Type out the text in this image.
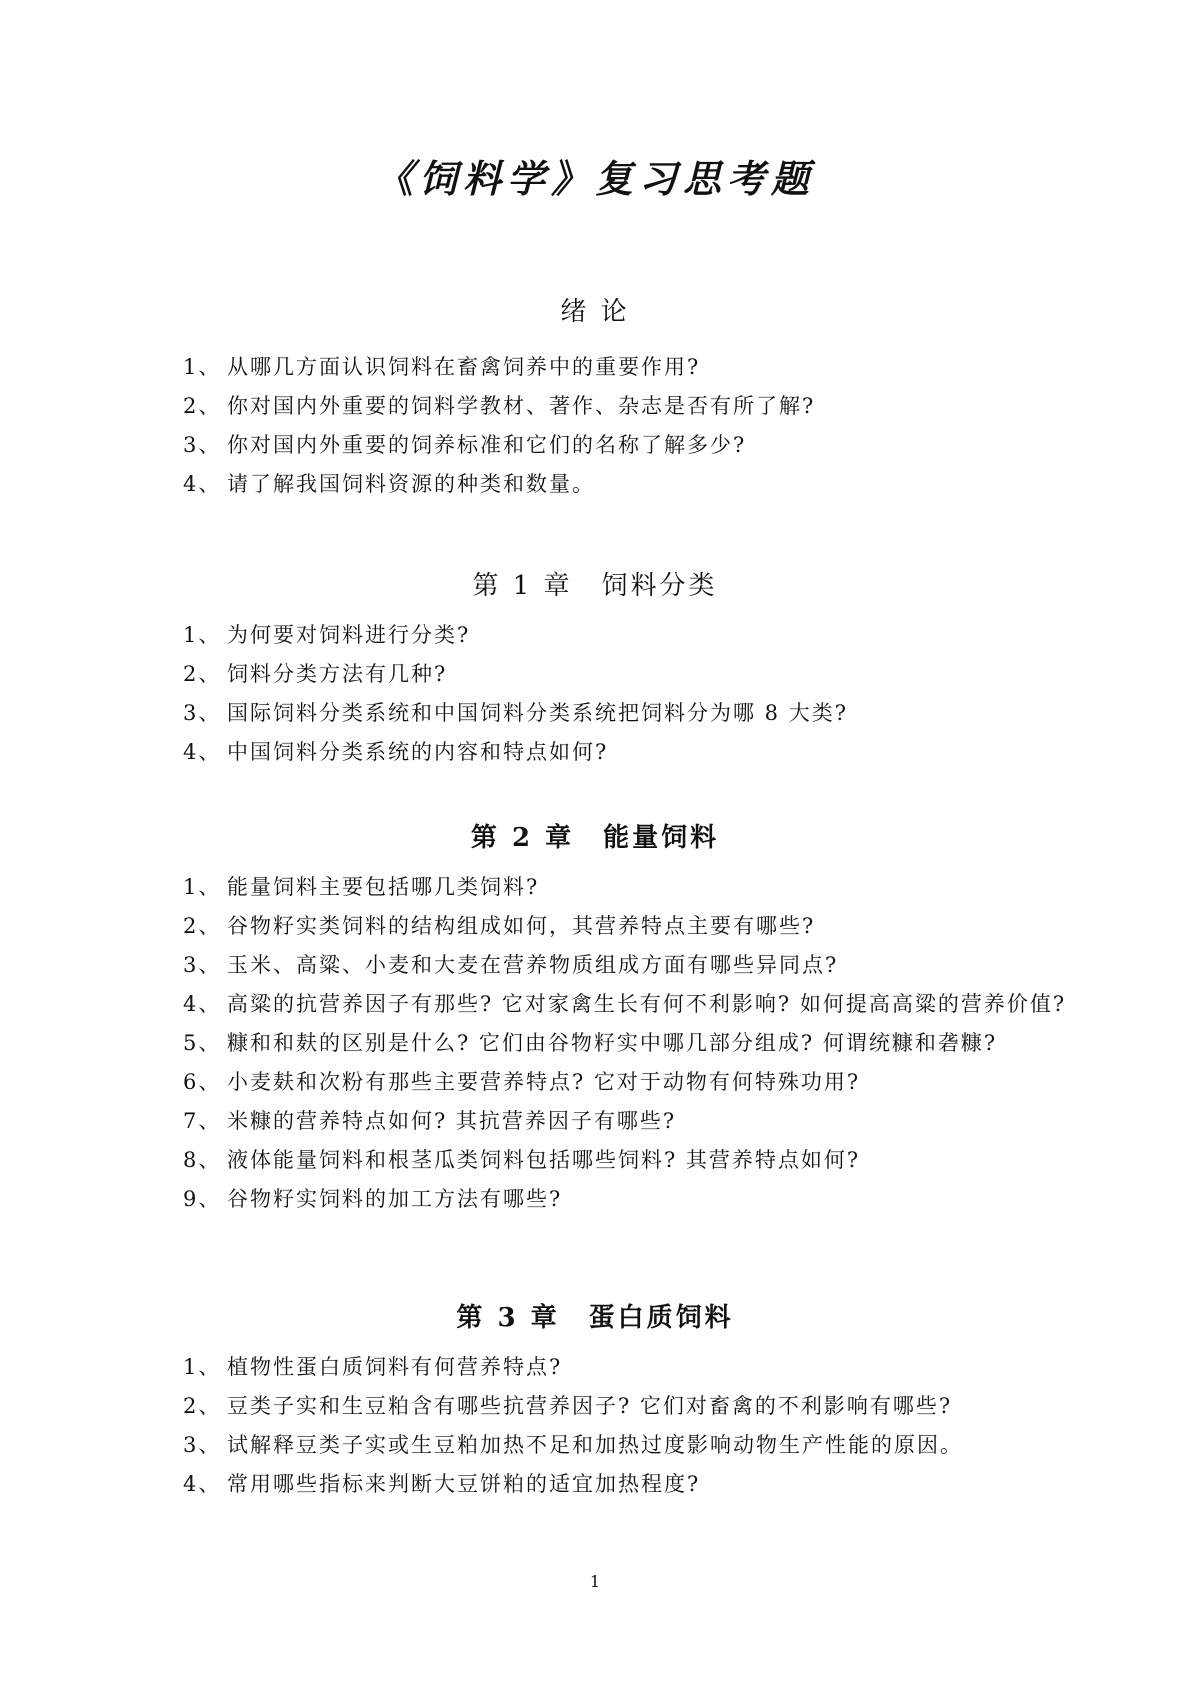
《饲料学》复习思考题
绪 论
1、 从哪几方面认识饲料在畜禽饲养中的重要作用?
2、 你对国内外重要的饲料学教材、著作、杂志是否有所了解?
3、 你对国内外重要的饲养标准和它们的名称了解多少?
4、 请了解我国饲料资源的种类和数量。
第 1 章　饲料分类
1、 为何要对饲料进行分类?
2、 饲料分类方法有几种?
3、 国际饲料分类系统和中国饲料分类系统把饲料分为哪 8 大类?
4、 中国饲料分类系统的内容和特点如何?
第 2 章　能量饲料
1、 能量饲料主要包括哪几类饲料?
2、 谷物籽实类饲料的结构组成如何，其营养特点主要有哪些?
3、 玉米、高粱、小麦和大麦在营养物质组成方面有哪些异同点?
4、 高粱的抗营养因子有那些? 它对家禽生长有何不利影响? 如何提高高粱的营养价值?
5、 糠和和麸的区别是什么? 它们由谷物籽实中哪几部分组成? 何谓统糠和砻糠?
6、 小麦麸和次粉有那些主要营养特点? 它对于动物有何特殊功用?
7、 米糠的营养特点如何? 其抗营养因子有哪些?
8、 液体能量饲料和根茎瓜类饲料包括哪些饲料? 其营养特点如何?
9、 谷物籽实饲料的加工方法有哪些?
第 3 章　蛋白质饲料
1、 植物性蛋白质饲料有何营养特点?
2、 豆类子实和生豆粕含有哪些抗营养因子? 它们对畜禽的不利影响有哪些?
3、 试解释豆类子实或生豆粕加热不足和加热过度影响动物生产性能的原因。
4、 常用哪些指标来判断大豆饼粕的适宜加热程度?
1
